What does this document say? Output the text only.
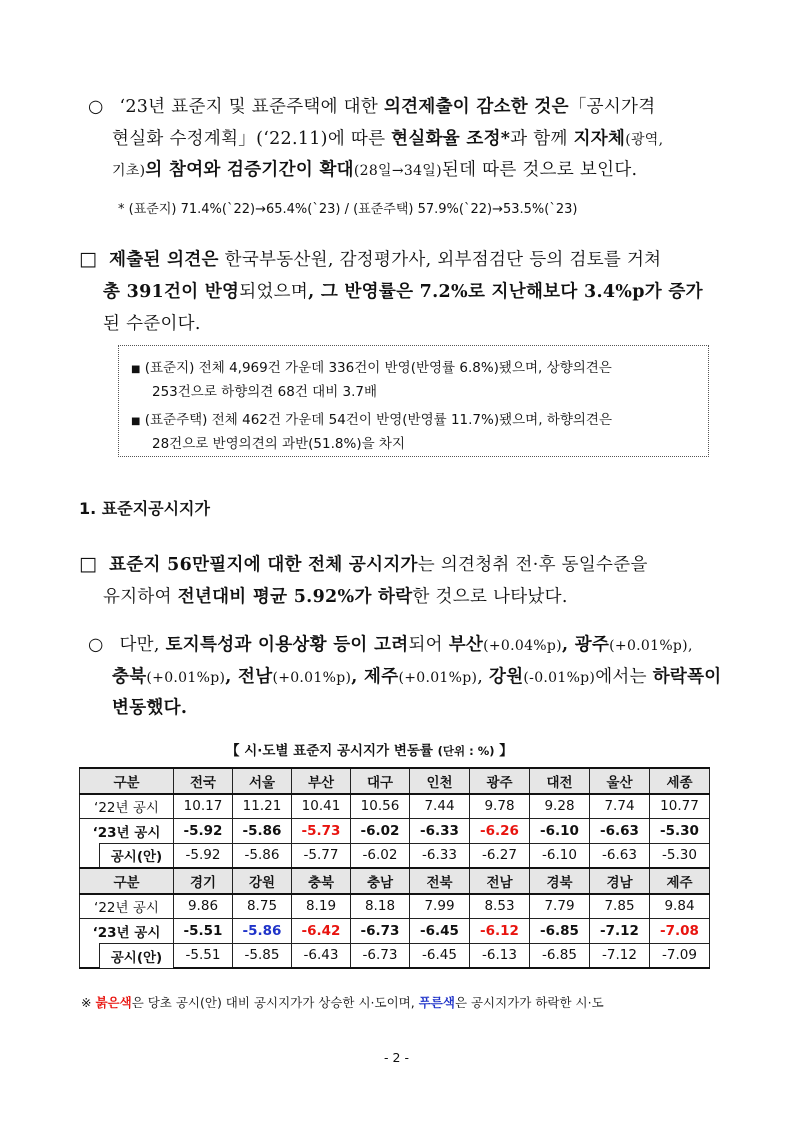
○ ‘23년 표준지 및 표준주택에 대한 의견제출이 감소한 것은「공시가격
현실화 수정계획」(‘22.11)에 따른 현실화율 조정*과 함께 지자체(광역,
기초)의 참여와 검증기간이 확대(28일→34일)된데 따른 것으로 보인다.
* (표준지) 71.4%(`22)→65.4%(`23) / (표준주택) 57.9%(`22)→53.5%(`23)
□ 제출된 의견은 한국부동산원, 감정평가사, 외부점검단 등의 검토를 거쳐
총 391건이 반영되었으며, 그 반영률은 7.2%로 지난해보다 3.4%p가 증가
된 수준이다.
■ (표준지) 전체 4,969건 가운데 336건이 반영(반영률 6.8%)됐으며, 상향의견은
253건으로 하향의견 68건 대비 3.7배
■ (표준주택) 전체 462건 가운데 54건이 반영(반영률 11.7%)됐으며, 하향의견은
28건으로 반영의견의 과반(51.8%)을 차지
1. 표준지공시지가
□ 표준지 56만필지에 대한 전체 공시지가는 의견청취 전·후 동일수준을
유지하여 전년대비 평균 5.92%가 하락한 것으로 나타났다.
○ 다만, 토지특성과 이용상황 등이 고려되어 부산(+0.04%p), 광주(+0.01%p),
충북(+0.01%p), 전남(+0.01%p), 제주(+0.01%p), 강원(-0.01%p)에서는 하락폭이
변동했다.
【 시·도별 표준지 공시지가 변동률 (단위 : %) 】
구분		전국	서울	부산	대구	인천	광주	대전	울산	세종
‘22년 공시		10.17	11.21	10.41	10.56	7.44	9.78	9.28	7.74	10.77
‘23년 공시		-5.92	-5.86	-5.73	-6.02	-6.33	-6.26	-6.10	-6.63	-5.30
	공시(안)	-5.92	-5.86	-5.77	-6.02	-6.33	-6.27	-6.10	-6.63	-5.30
구분		경기	강원	충북	충남	전북	전남	경북	경남	제주
‘22년 공시		9.86	8.75	8.19	8.18	7.99	8.53	7.79	7.85	9.84
‘23년 공시		-5.51	-5.86	-6.42	-6.73	-6.45	-6.12	-6.85	-7.12	-7.08
	공시(안)	-5.51	-5.85	-6.43	-6.73	-6.45	-6.13	-6.85	-7.12	-7.09
※ 붉은색은 당초 공시(안) 대비 공시지가가 상승한 시·도이며, 푸른색은 공시지가가 하락한 시·도
- 2 -
